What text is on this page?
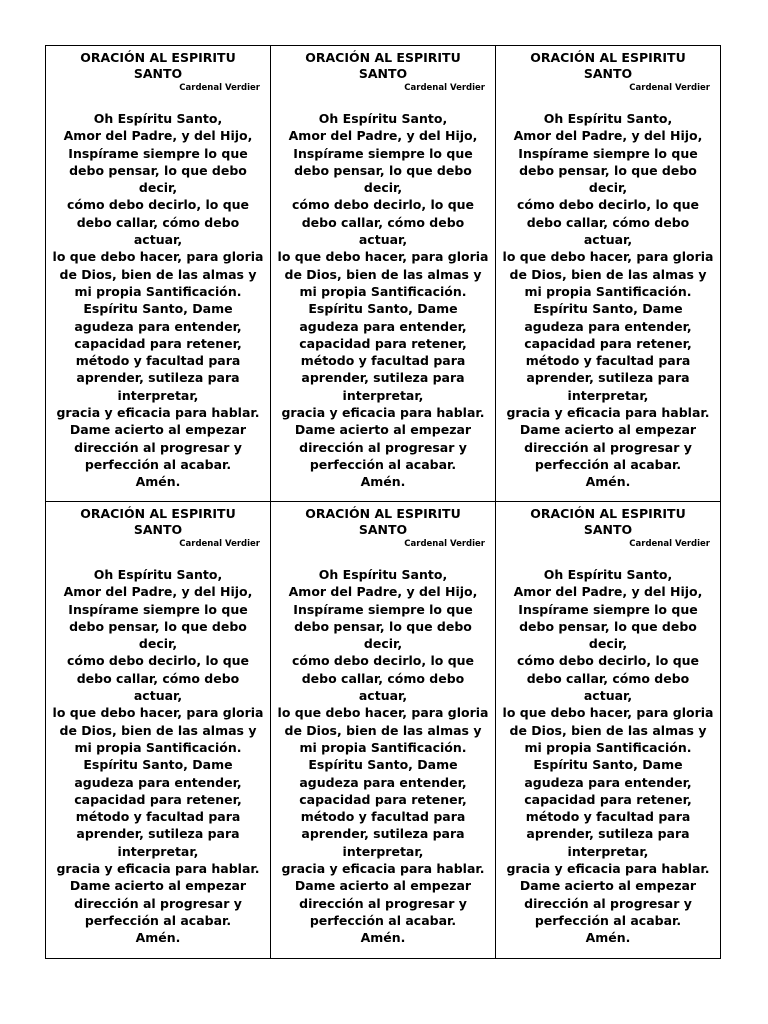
ORACIÓN AL ESPIRITU SANTO

Cardenal Verdier

Oh Espíritu Santo,
Amor del Padre, y del Hijo,
Inspírame siempre lo que debo pensar, lo que debo decir,
cómo debo decirlo, lo que debo callar, cómo debo actuar,
lo que debo hacer, para gloria de Dios, bien de las almas y mi propia Santificación.
Espíritu Santo, Dame agudeza para entender, capacidad para retener, método y facultad para aprender, sutileza para interpretar,
gracia y eficacia para hablar.
Dame acierto al empezar dirección al progresar y perfección al acabar.
Amén.

ORACIÓN AL ESPIRITU SANTO

Cardenal Verdier

Oh Espíritu Santo,
Amor del Padre, y del Hijo,
Inspírame siempre lo que debo pensar, lo que debo decir,
cómo debo decirlo, lo que debo callar, cómo debo actuar,
lo que debo hacer, para gloria de Dios, bien de las almas y mi propia Santificación.
Espíritu Santo, Dame agudeza para entender, capacidad para retener, método y facultad para aprender, sutileza para interpretar,
gracia y eficacia para hablar.
Dame acierto al empezar dirección al progresar y perfección al acabar.
Amén.

ORACIÓN AL ESPIRITU SANTO

Cardenal Verdier

Oh Espíritu Santo,
Amor del Padre, y del Hijo,
Inspírame siempre lo que debo pensar, lo que debo decir,
cómo debo decirlo, lo que debo callar, cómo debo actuar,
lo que debo hacer, para gloria de Dios, bien de las almas y mi propia Santificación.
Espíritu Santo, Dame agudeza para entender, capacidad para retener, método y facultad para aprender, sutileza para interpretar,
gracia y eficacia para hablar.
Dame acierto al empezar dirección al progresar y perfección al acabar.
Amén.

ORACIÓN AL ESPIRITU SANTO

Cardenal Verdier

Oh Espíritu Santo,
Amor del Padre, y del Hijo,
Inspírame siempre lo que debo pensar, lo que debo decir,
cómo debo decirlo, lo que debo callar, cómo debo actuar,
lo que debo hacer, para gloria de Dios, bien de las almas y mi propia Santificación.
Espíritu Santo, Dame agudeza para entender, capacidad para retener, método y facultad para aprender, sutileza para interpretar,
gracia y eficacia para hablar.
Dame acierto al empezar dirección al progresar y perfección al acabar.
Amén.

ORACIÓN AL ESPIRITU SANTO

Cardenal Verdier

Oh Espíritu Santo,
Amor del Padre, y del Hijo,
Inspírame siempre lo que debo pensar, lo que debo decir,
cómo debo decirlo, lo que debo callar, cómo debo actuar,
lo que debo hacer, para gloria de Dios, bien de las almas y mi propia Santificación.
Espíritu Santo, Dame agudeza para entender, capacidad para retener, método y facultad para aprender, sutileza para interpretar,
gracia y eficacia para hablar.
Dame acierto al empezar dirección al progresar y perfección al acabar.
Amén.

ORACIÓN AL ESPIRITU SANTO

Cardenal Verdier

Oh Espíritu Santo,
Amor del Padre, y del Hijo,
Inspírame siempre lo que debo pensar, lo que debo decir,
cómo debo decirlo, lo que debo callar, cómo debo actuar,
lo que debo hacer, para gloria de Dios, bien de las almas y mi propia Santificación.
Espíritu Santo, Dame agudeza para entender, capacidad para retener, método y facultad para aprender, sutileza para interpretar,
gracia y eficacia para hablar.
Dame acierto al empezar dirección al progresar y perfección al acabar.
Amén.
